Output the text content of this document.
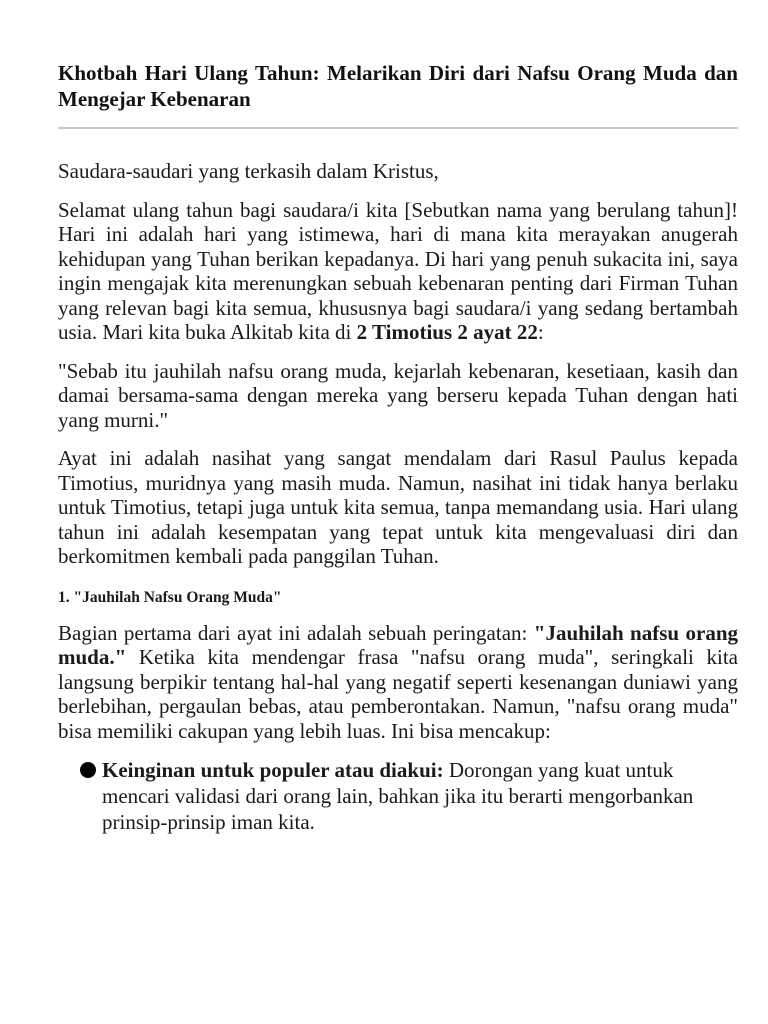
Khotbah Hari Ulang Tahun: Melarikan Diri dari Nafsu Orang Muda dan Mengejar Kebenaran

Saudara-saudari yang terkasih dalam Kristus,

Selamat ulang tahun bagi saudara/i kita [Sebutkan nama yang berulang tahun]! Hari ini adalah hari yang istimewa, hari di mana kita merayakan anugerah kehidupan yang Tuhan berikan kepadanya. Di hari yang penuh sukacita ini, saya ingin mengajak kita merenungkan sebuah kebenaran penting dari Firman Tuhan yang relevan bagi kita semua, khususnya bagi saudara/i yang sedang bertambah usia. Mari kita buka Alkitab kita di 2 Timotius 2 ayat 22:

"Sebab itu jauhilah nafsu orang muda, kejarlah kebenaran, kesetiaan, kasih dan damai bersama-sama dengan mereka yang berseru kepada Tuhan dengan hati yang murni."

Ayat ini adalah nasihat yang sangat mendalam dari Rasul Paulus kepada Timotius, muridnya yang masih muda. Namun, nasihat ini tidak hanya berlaku untuk Timotius, tetapi juga untuk kita semua, tanpa memandang usia. Hari ulang tahun ini adalah kesempatan yang tepat untuk kita mengevaluasi diri dan berkomitmen kembali pada panggilan Tuhan.

1. "Jauhilah Nafsu Orang Muda"

Bagian pertama dari ayat ini adalah sebuah peringatan: "Jauhilah nafsu orang muda." Ketika kita mendengar frasa "nafsu orang muda", seringkali kita langsung berpikir tentang hal-hal yang negatif seperti kesenangan duniawi yang berlebihan, pergaulan bebas, atau pemberontakan. Namun, "nafsu orang muda" bisa memiliki cakupan yang lebih luas. Ini bisa mencakup:

Keinginan untuk populer atau diakui: Dorongan yang kuat untuk mencari validasi dari orang lain, bahkan jika itu berarti mengorbankan prinsip-prinsip iman kita.
